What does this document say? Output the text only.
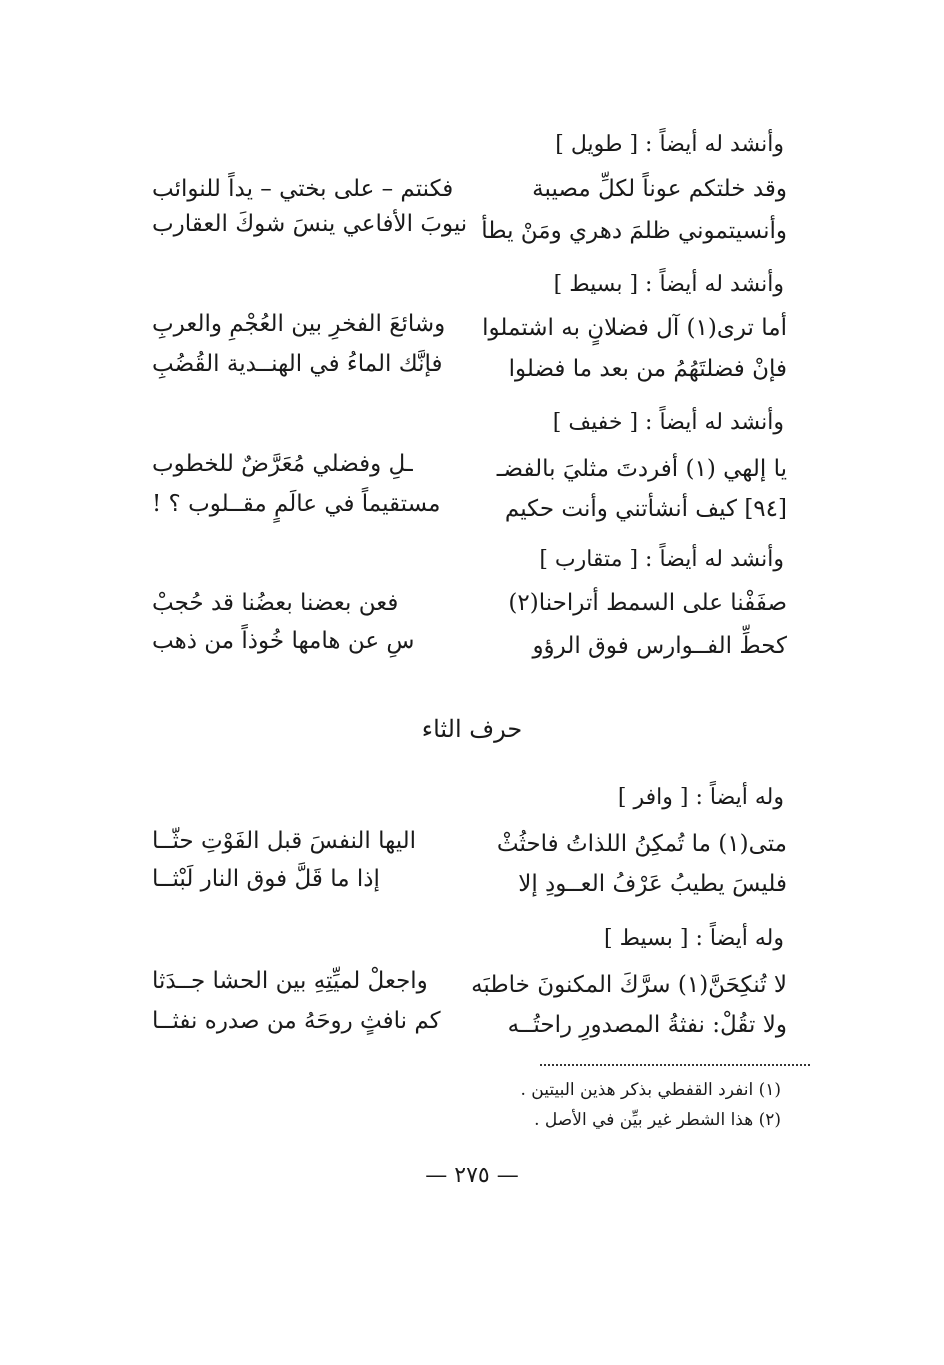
وأنشد له أيضاً : [ طويل ]
وقد خلتكم عوناً لكلِّ مصيبة
فكنتم – على بختي – يداً للنوائب
وأنسيتموني ظلمَ دهري ومَنْ يطأ
نيوبَ الأفاعي ينسَ شوكَ العقارب
وأنشد له أيضاً : [ بسيط ]
أما ترى(١) آل فضلانٍ به اشتملوا
وشائعَ الفخرِ بين العُجْمِ والعربِ
فإنْ فضلتَهُمُ من بعد ما فضلوا
فإنَّك الماءُ في الهنــدية القُضُبِ
وأنشد له أيضاً : [ خفيف ]
يا إلهي (١) أفردتَ مثليَ بالفضـ
ـلِ وفضلي مُعَرَّضٌ للخطوب
[٩٤] كيف أنشأتني وأنت حكيم
مستقيماً في عالَمٍ مقــلوب ؟ !
وأنشد له أيضاً : [ متقارب ]
صفَفْنا على السمط أتراحنا(٢)
فعن بعضنا بعضُنا قد حُجبْ
كحطِّ الفــوارس فوق الرؤو
سِ عن هامها خُوذاً من ذهب
حرف الثاء
وله أيضاً : [ وافر ]
متى(١) ما تُمكِنُ اللذاتُ فاحثُثْ
اليها النفسَ قبل الفَوْتِ حثّــا
فليسَ يطيبُ عَرْفُ العــودِ إلا
إذا ما قَلَّ فوق النار لَبْثــا
وله أيضاً : [ بسيط ]
لا تُنكِحَنَّ(١) سرَّكَ المكنونَ خاطبَه
واجعلْ لميِّتِهِ بين الحشا جــدَثا
ولا تقُلْ: نفثةُ المصدورِ راحتُــه
كم نافثٍ روحَهُ من صدره نفثــا
(١) انفرد القفطي بذكر هذين البيتين .
(٢) هذا الشطر غير بيِّن في الأصل .
— ٢٧٥ —
